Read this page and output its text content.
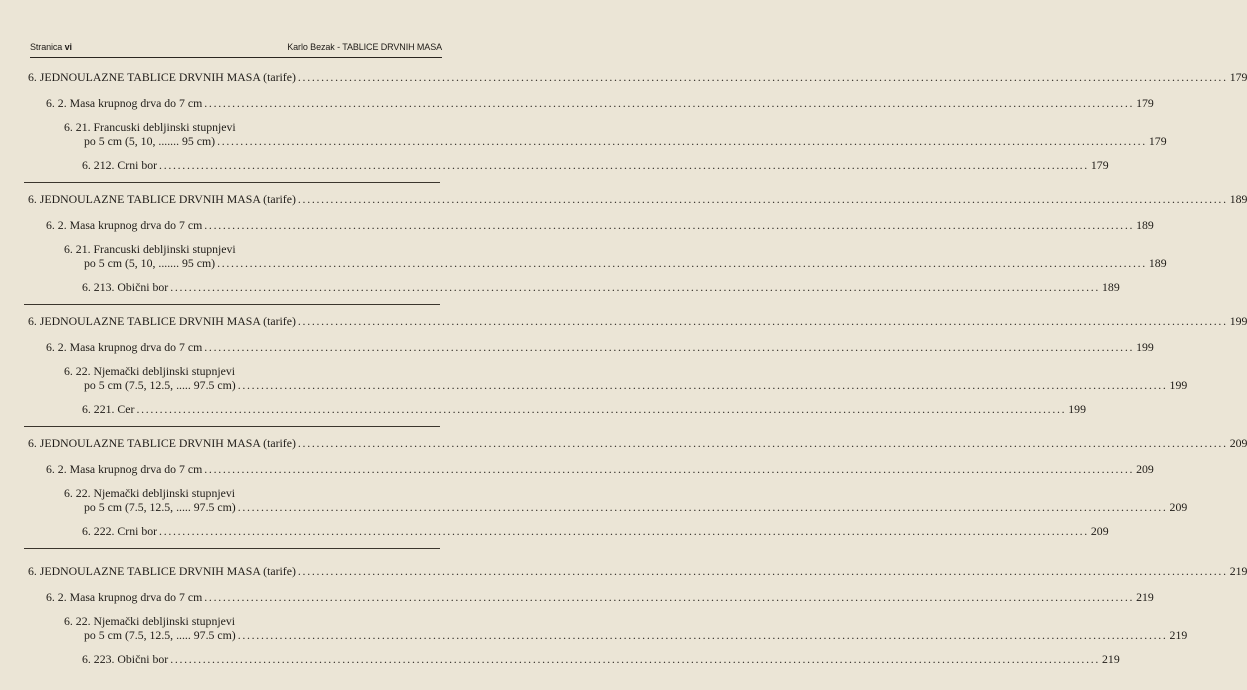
Stranica vi	Karlo Bezak - TABLICE DRVNIH MASA
6. JEDNOULAZNE TABLICE DRVNIH MASA (tarife) ........................................................................................................................................................................................................ 179
6. 2. Masa krupnog drva do 7 cm ........................................................................................................................................................................................................ 179
6. 21. Francuski debljinski stupnjevi
po 5 cm (5, 10, ....... 95 cm) ........................................................................................................................................................................................................ 179
6. 212. Crni bor ........................................................................................................................................................................................................ 179
6. JEDNOULAZNE TABLICE DRVNIH MASA (tarife) ........................................................................................................................................................................................................ 189
6. 2. Masa krupnog drva do 7 cm ........................................................................................................................................................................................................ 189
6. 21. Francuski debljinski stupnjevi
po 5 cm (5, 10, ....... 95 cm) ........................................................................................................................................................................................................ 189
6. 213. Obični bor ........................................................................................................................................................................................................ 189
6. JEDNOULAZNE TABLICE DRVNIH MASA (tarife) ........................................................................................................................................................................................................ 199
6. 2. Masa krupnog drva do 7 cm ........................................................................................................................................................................................................ 199
6. 22. Njemački debljinski stupnjevi
po 5 cm (7.5, 12.5, ..... 97.5 cm) ........................................................................................................................................................................................................ 199
6. 221. Cer ........................................................................................................................................................................................................ 199
6. JEDNOULAZNE TABLICE DRVNIH MASA (tarife) ........................................................................................................................................................................................................ 209
6. 2. Masa krupnog drva do 7 cm ........................................................................................................................................................................................................ 209
6. 22. Njemački debljinski stupnjevi
po 5 cm (7.5, 12.5, ..... 97.5 cm) ........................................................................................................................................................................................................ 209
6. 222. Crni bor ........................................................................................................................................................................................................ 209
6. JEDNOULAZNE TABLICE DRVNIH MASA (tarife) ........................................................................................................................................................................................................ 219
6. 2. Masa krupnog drva do 7 cm ........................................................................................................................................................................................................ 219
6. 22. Njemački debljinski stupnjevi
po 5 cm (7.5, 12.5, ..... 97.5 cm) ........................................................................................................................................................................................................ 219
6. 223. Obični bor ........................................................................................................................................................................................................ 219
